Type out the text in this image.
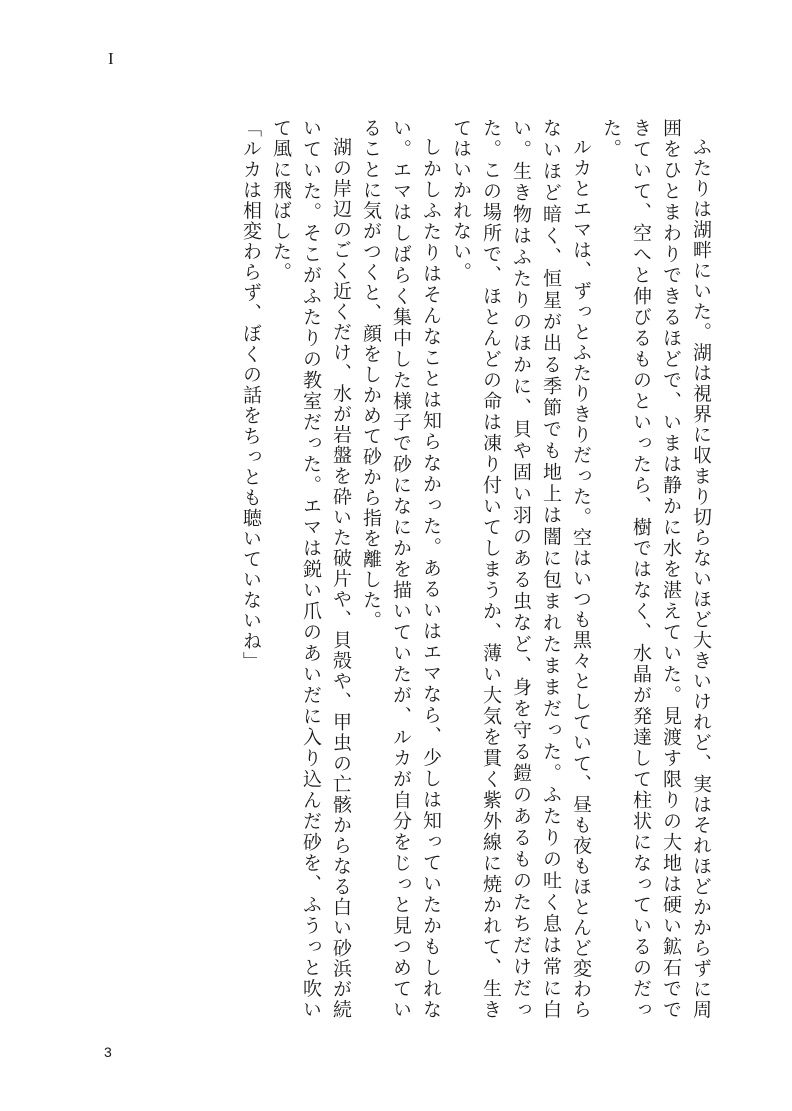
I

ふたりは湖畔にいた。湖は視界に収まり切らないほど大きいけれど、実はそれほどかからずに周囲をひとまわりできるほどで、いまは静かに水を湛えていた。見渡す限りの大地は硬い鉱石でできていて、空へと伸びるものといったら、樹ではなく、水晶が発達して柱状になっているのだった。

ルカとエマは、ずっとふたりきりだった。空はいつも黒々としていて、昼も夜もほとんど変わらないほど暗く、恒星が出る季節でも地上は闇に包まれたままだった。ふたりの吐く息は常に白い。生き物はふたりのほかに、貝や固い羽のある虫など、身を守る鎧のあるものたちだけだった。この場所で、ほとんどの命は凍り付いてしまうか、薄い大気を貫く紫外線に焼かれて、生きてはいかれない。

しかしふたりはそんなことは知らなかった。あるいはエマなら、少しは知っていたかもしれない。エマはしばらく集中した様子で砂になにかを描いていたが、ルカが自分をじっと見つめていることに気がつくと、顔をしかめて砂から指を離した。

湖の岸辺のごく近くだけ、水が岩盤を砕いた破片や、貝殻や、甲虫の亡骸からなる白い砂浜が続いていた。そこがふたりの教室だった。エマは鋭い爪のあいだに入り込んだ砂を、ふうっと吹いて風に飛ばした。

「ルカは相変わらず、ぼくの話をちっとも聴いていないね」

3
